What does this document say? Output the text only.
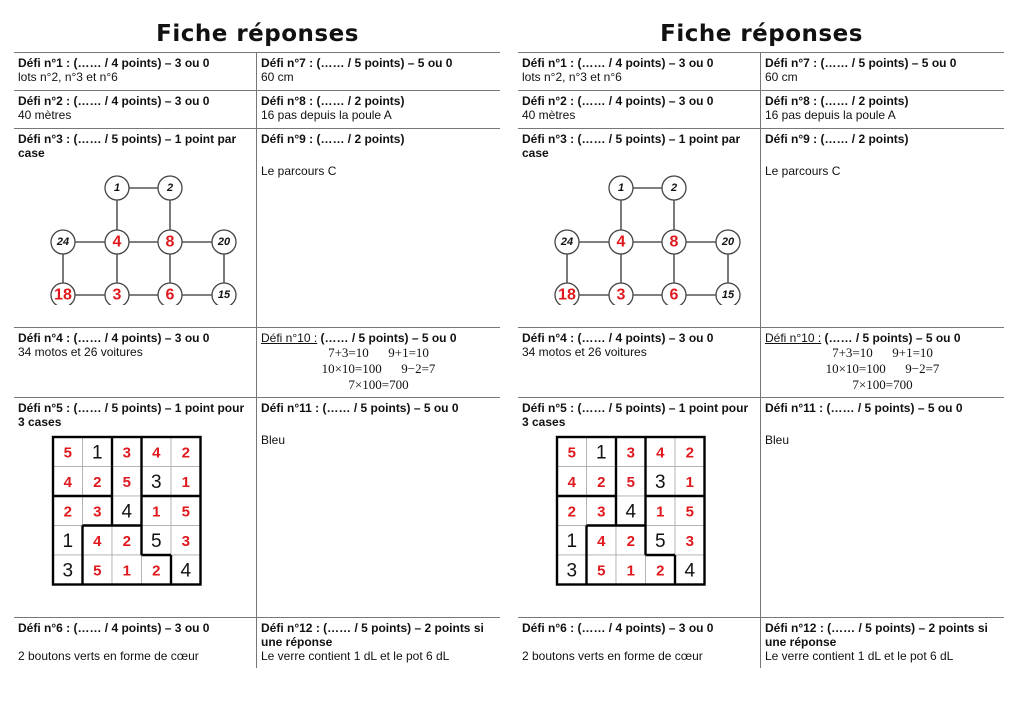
Fiche réponses
Défi n°1 : (…… / 4 points) – 3 ou 0
lots n°2, n°3 et n°6
Défi n°7 : (…… / 5 points) – 5 ou 0
60 cm
Défi n°2 : (…… / 4 points) – 3 ou 0
40 mètres
Défi n°8 : (…… / 2 points)
16 pas depuis la poule A
Défi n°3 : (…… / 5 points) – 1 point par case
1	2
24	4	8	20
18	3	6	15
Défi n°9 : (…… / 2 points)
Le parcours C
Défi n°4 : (…… / 4 points) – 3 ou 0
34 motos et 26 voitures
Défi n°10 : (…… / 5 points) – 5 ou 0
7+3=10      9+1=10
10×10=100      9−2=7
7×100=700
Défi n°5 : (…… / 5 points) – 1 point pour 3 cases
5 1 3 4 2
4 2 5 3 1
2 3 4 1 5
1 4 2 5 3
3 5 1 2 4
Défi n°11 : (…… / 5 points) – 5 ou 0
Bleu
Défi n°6 : (…… / 4 points) – 3 ou 0
2 boutons verts en forme de cœur
Défi n°12 : (…… / 5 points) – 2 points si une réponse
Le verre contient 1 dL et le pot 6 dL
Fiche réponses
Défi n°1 : (…… / 4 points) – 3 ou 0
lots n°2, n°3 et n°6
Défi n°7 : (…… / 5 points) – 5 ou 0
60 cm
Défi n°2 : (…… / 4 points) – 3 ou 0
40 mètres
Défi n°8 : (…… / 2 points)
16 pas depuis la poule A
Défi n°3 : (…… / 5 points) – 1 point par case
1	2
24	4	8	20
18	3	6	15
Défi n°9 : (…… / 2 points)
Le parcours C
Défi n°4 : (…… / 4 points) – 3 ou 0
34 motos et 26 voitures
Défi n°10 : (…… / 5 points) – 5 ou 0
7+3=10      9+1=10
10×10=100      9−2=7
7×100=700
Défi n°5 : (…… / 5 points) – 1 point pour 3 cases
5 1 3 4 2
4 2 5 3 1
2 3 4 1 5
1 4 2 5 3
3 5 1 2 4
Défi n°11 : (…… / 5 points) – 5 ou 0
Bleu
Défi n°6 : (…… / 4 points) – 3 ou 0
2 boutons verts en forme de cœur
Défi n°12 : (…… / 5 points) – 2 points si une réponse
Le verre contient 1 dL et le pot 6 dL
